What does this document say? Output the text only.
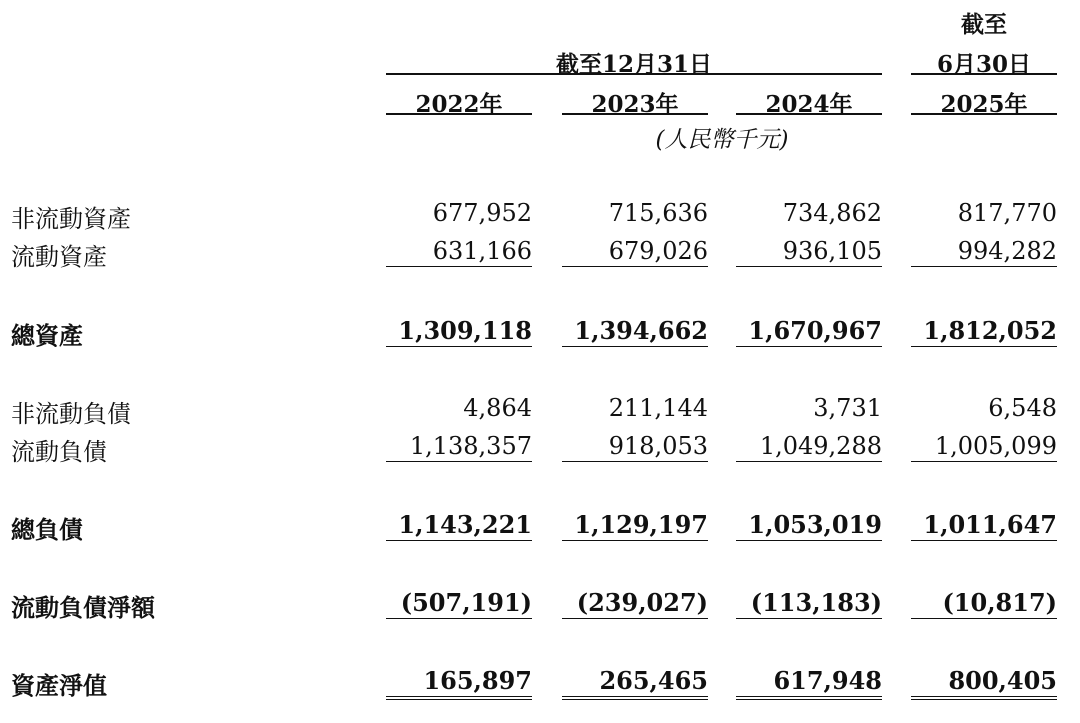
截至
截至12月31日	6月30日
2022年	2023年	2024年	2025年
(人民幣千元)
非流動資產	677,952	715,636	734,862	817,770
流動資產	631,166	679,026	936,105	994,282
總資產	1,309,118	1,394,662	1,670,967	1,812,052
非流動負債	4,864	211,144	3,731	6,548
流動負債	1,138,357	918,053	1,049,288	1,005,099
總負債	1,143,221	1,129,197	1,053,019	1,011,647
流動負債淨額	(507,191)	(239,027)	(113,183)	(10,817)
資產淨值	165,897	265,465	617,948	800,405
